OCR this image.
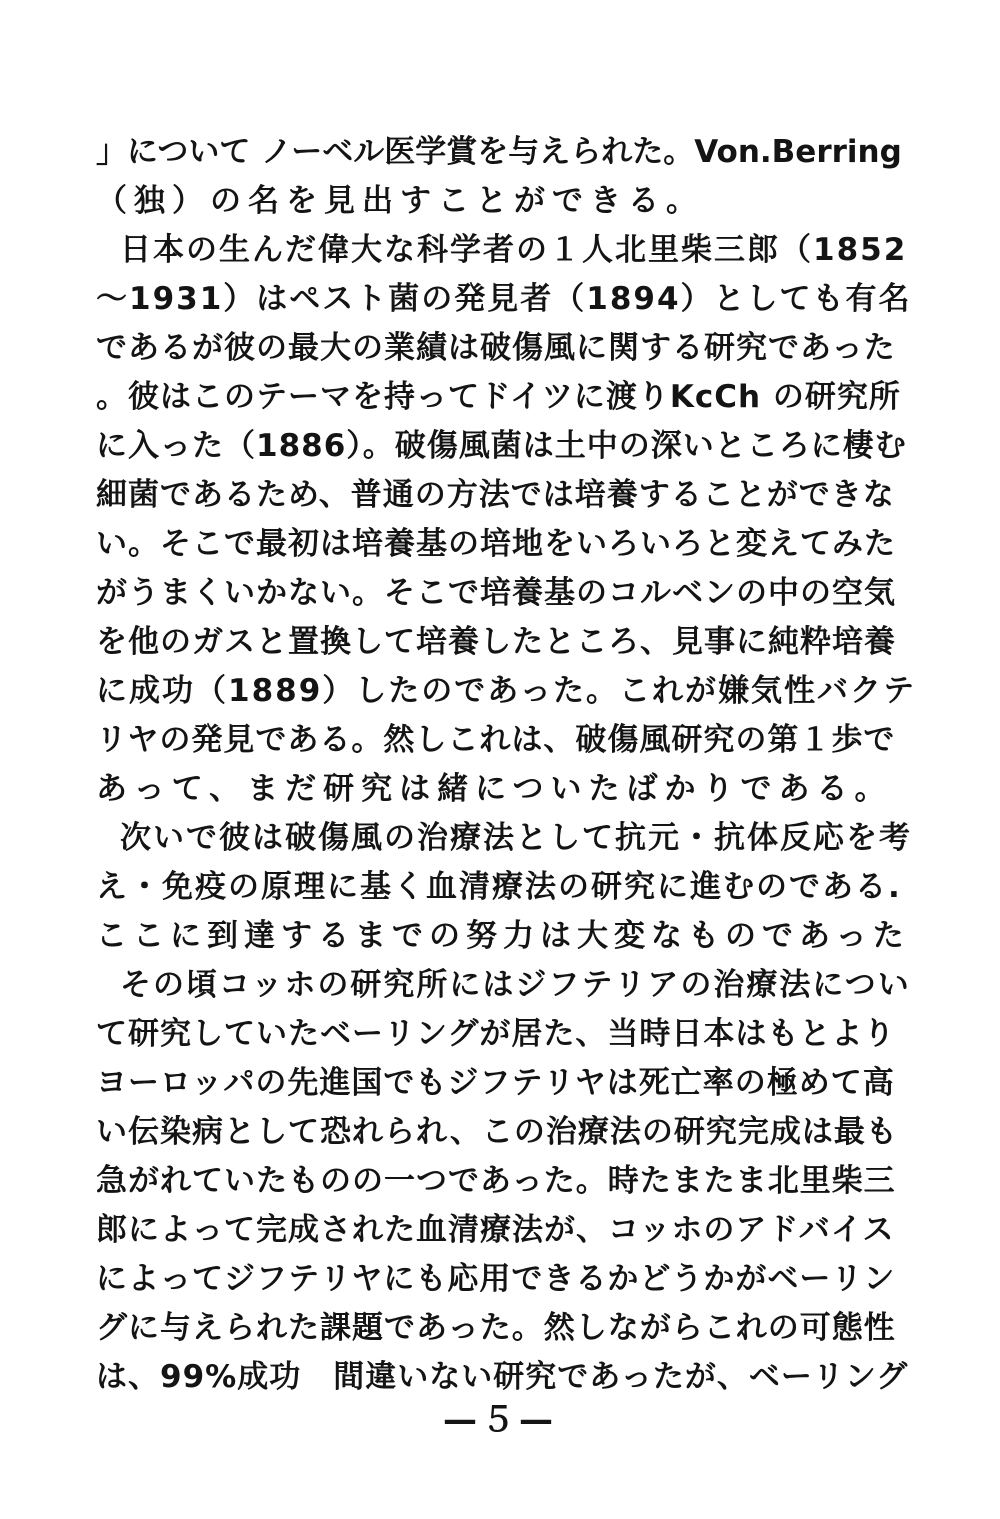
」について ノーベル医学賞を与えられた。Von.Berring
（独）の名を見出すことができる。
日本の生んだ偉大な科学者の１人北里柴三郎（1852
～1931）はペスト菌の発見者（1894）としても有名
であるが彼の最大の業績は破傷風に関する研究であった
。彼はこのテーマを持ってドイツに渡りKcCh の研究所
に入った（1886）。破傷風菌は土中の深いところに棲む
細菌であるため、普通の方法では培養することができな
い。そこで最初は培養基の培地をいろいろと変えてみた
がうまくいかない。そこで培養基のコルベンの中の空気
を他のガスと置換して培養したところ、見事に純粋培養
に成功（1889）したのであった。これが嫌気性バクテ
リヤの発見である。然しこれは、破傷風研究の第１歩で
あって、まだ研究は緒についたばかりである。
次いで彼は破傷風の治療法として抗元・抗体反応を考
え・免疫の原理に基く血清療法の研究に進むのである.
ここに到達するまでの努力は大変なものであった
その頃コッホの研究所にはジフテリアの治療法につい
て研究していたベーリングが居た、当時日本はもとより
ヨーロッパの先進国でもジフテリヤは死亡率の極めて高
い伝染病として恐れられ、この治療法の研究完成は最も
急がれていたものの一つであった。時たまたま北里柴三
郎によって完成された血清療法が、コッホのアドバイス
によってジフテリヤにも応用できるかどうかがベーリン
グに与えられた課題であった。然しながらこれの可態性
は、99%成功　間違いない研究であったが、ベーリング
—５—
